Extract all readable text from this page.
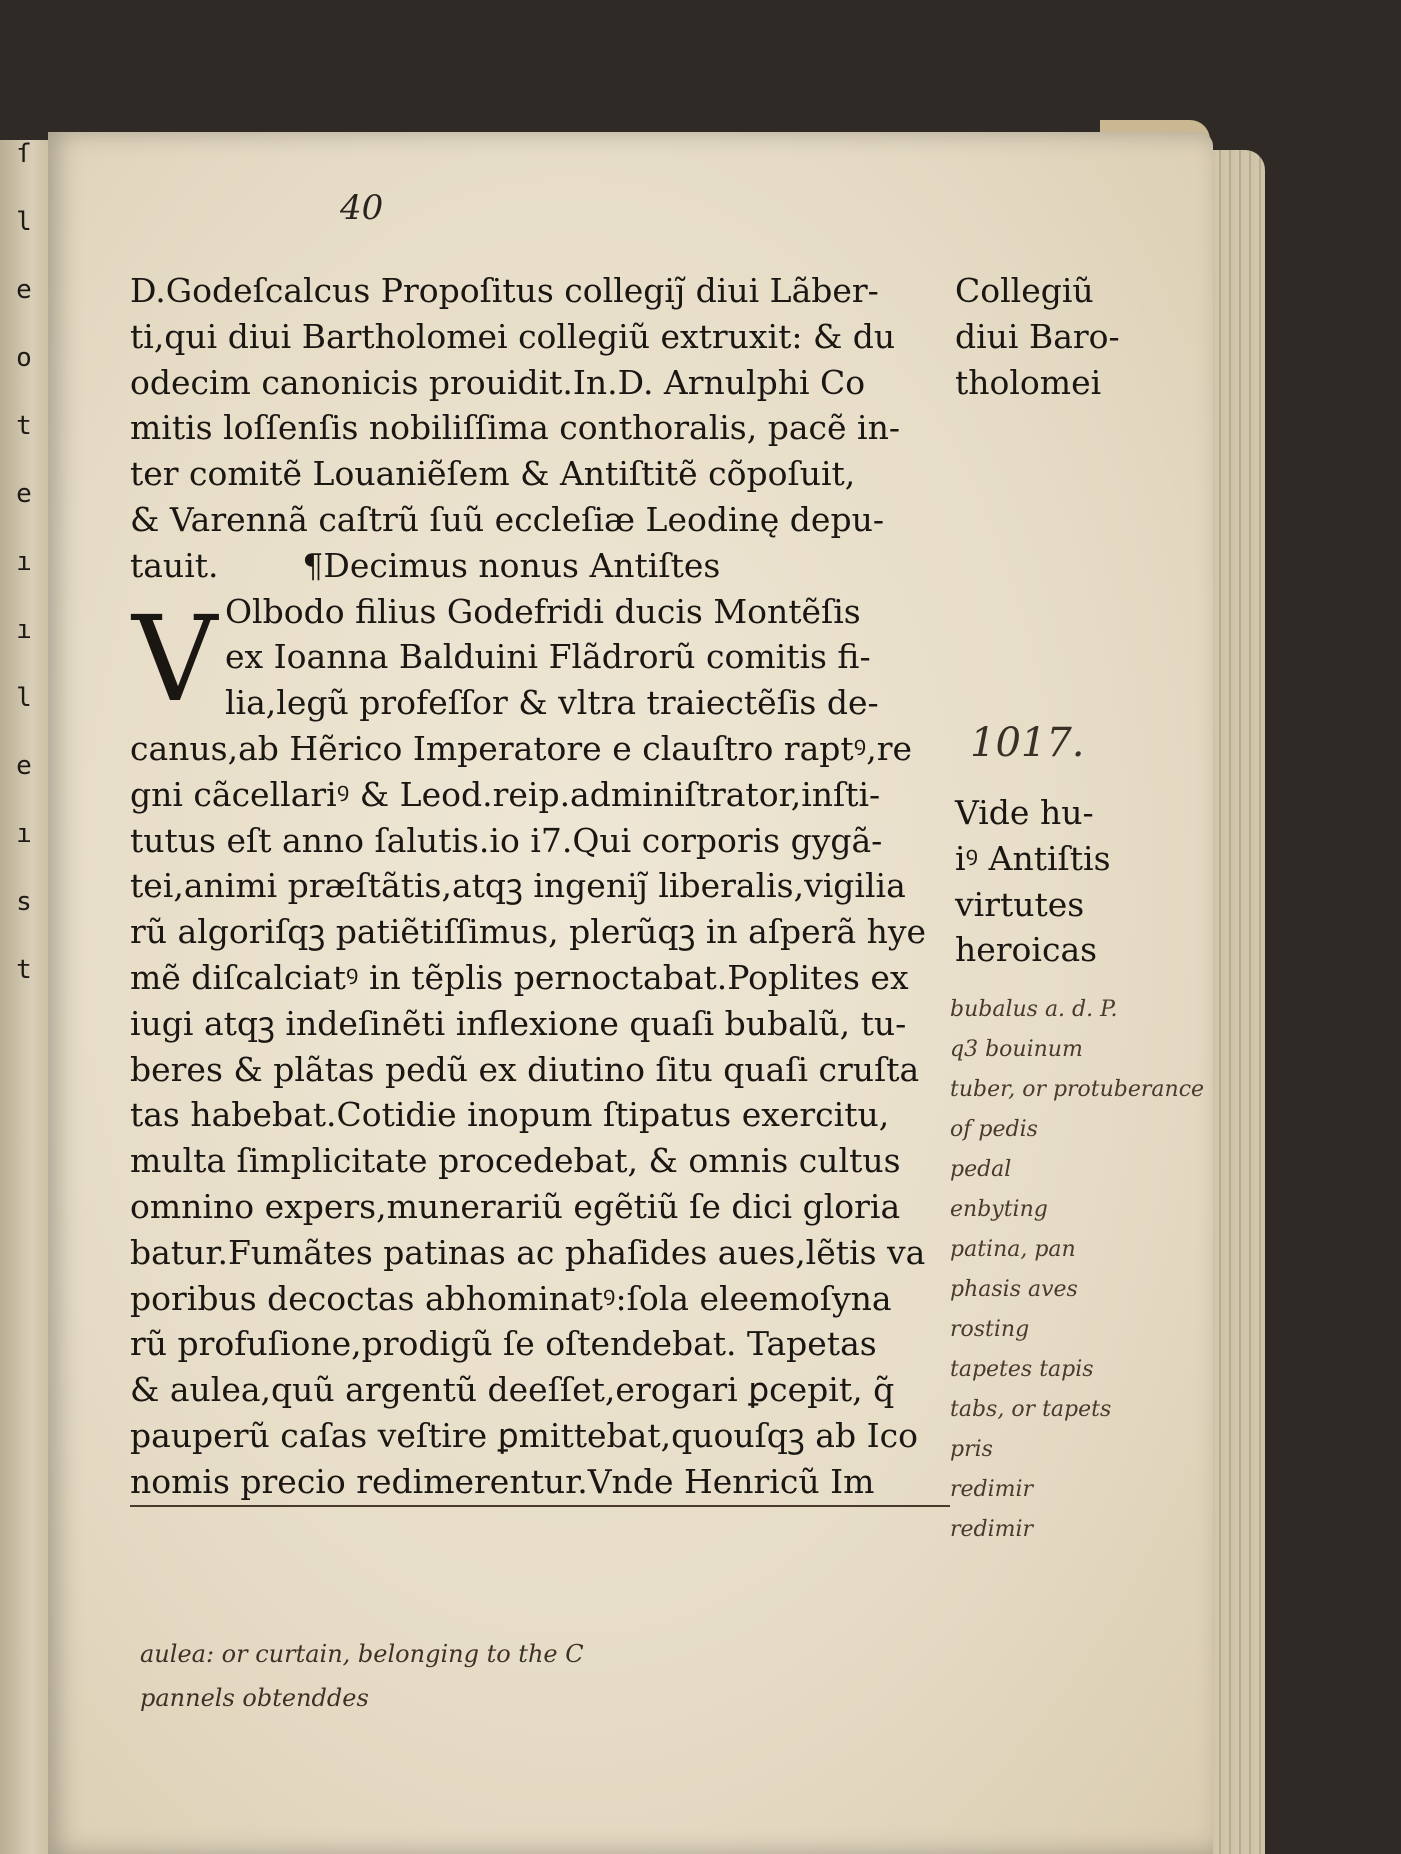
ſ
l
e
o
t
e
ı
ı
l
e
ı
s
t
40
V
D.Godeſcalcus Propoſitus collegiȷ̃ diui Lãber-
ti,qui diui Bartholomei collegiũ extruxit: & du
odecim canonicis prouidit.In.D. Arnulphi Co
mitis loſſenſis nobiliſſima conthoralis, pacẽ in-
ter comitẽ Louaniẽſem & Antiſtitẽ cõpoſuit,
& Varennã caſtrũ ſuũ eccleſiæ Leodinę depu-
tauit.        ¶Decimus nonus Antiſtes
Olbodo filius Godefridi ducis Montẽſis
ex Ioanna Balduini Flãdrorũ comitis fi-
lia,legũ profeſſor & vltra traiectẽſis de-
canus,ab Hẽrico Imperatore e clauſtro raptꝰ,re
gni cãcellariꝰ & Leod.reip.adminiſtrator,inſti-
tutus eſt anno ſalutis.io i7.Qui corporis gygã-
tei,animi præſtãtis,atqꝫ ingeniȷ̃ liberalis,vigilia
rũ algoriſqꝫ patiẽtiſſimus, plerũqꝫ in aſperã hye
mẽ diſcalciatꝰ in tẽplis pernoctabat.Poplites ex
iugi atqꝫ indeſinẽti inflexione quaſi bubalũ, tu-
beres & plãtas pedũ ex diutino ſitu quaſi cruſta
tas habebat.Cotidie inopum ſtipatus exercitu,
multa ſimplicitate procedebat, & omnis cultus
omnino expers,munerariũ egẽtiũ ſe dici gloria
batur.Fumãtes patinas ac phaſides aues,lẽtis va
poribus decoctas abhominatꝰ:ſola eleemoſyna
rũ profuſione,prodigũ ſe oſtendebat. Tapetas
& aulea,quũ argentũ deeſſet,erogari ꝑcepit, q̃
pauperũ caſas veſtire ꝑmittebat,quouſqꝫ ab Ico
nomis precio redimerentur.Vnde Henricũ Im
Collegiũ
diui Baro-
tholomei
1017.
Vide hu-
iꝰ Antiſtis
virtutes
heroicas
bubalus a. d. P.
q3 bouinum
tuber, or protuberance
of pedis
pedal
enbyting
patina, pan
phasis aves
rosting
tapetes tapis
tabs, or tapets
pris
redimir
redimir
aulea: or curtain, belonging to the C
pannels obtenddes
